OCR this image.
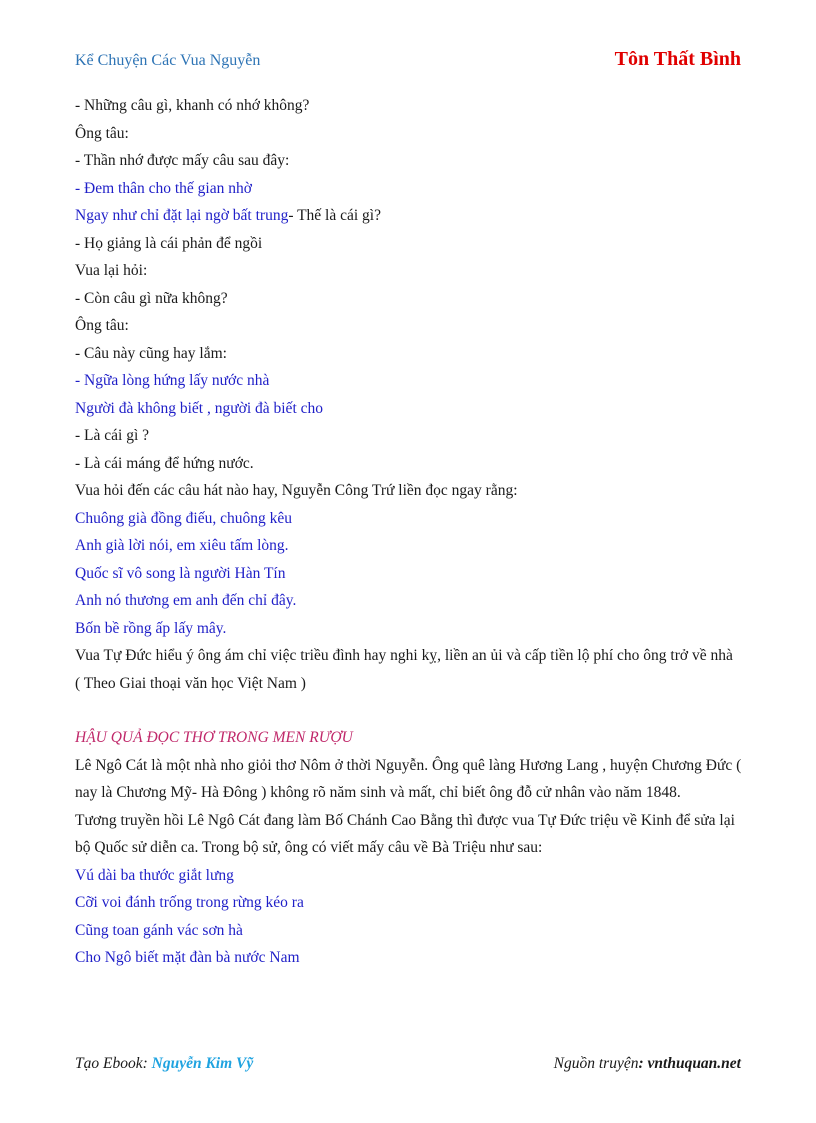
Kể Chuyện Các Vua Nguyễn	Tôn Thất Bình
- Những câu gì, khanh có nhớ không?
Ông tâu:
- Thần nhớ được mấy câu sau đây:
- Đem thân cho thế gian nhờ
Ngay như chỉ đặt lại ngờ bất trung- Thế là cái gì?
- Họ giảng là cái phản để ngồi
Vua lại hỏi:
- Còn câu gì nữa không?
Ông tâu:
- Câu này cũng hay lắm:
- Ngữa lòng hứng lấy nước nhà
Người đà không biết , người đà biết cho
- Là cái gì ?
- Là cái máng để hứng nước.
Vua hỏi đến các câu hát nào hay, Nguyễn Công Trứ liền đọc ngay rằng:
Chuông già đồng điếu, chuông kêu
Anh già lời nói, em xiêu tấm lòng.
Quốc sĩ vô song là người Hàn Tín
Anh nó thương em anh đến chỉ đây.
Bốn bề rồng ấp lấy mây.
Vua Tự Đức hiểu ý ông ám chỉ việc triều đình hay nghi kỵ, liền an ủi và cấp tiền lộ phí cho ông trở về nhà
( Theo Giai thoại văn học Việt Nam )
HẬU QUẢ ĐỌC THƠ TRONG MEN RƯỢU
Lê Ngô Cát là một nhà nho giỏi thơ Nôm ở thời Nguyễn. Ông quê làng Hương Lang , huyện Chương Đức ( nay là Chương Mỹ- Hà Đông ) không rõ năm sinh và mất, chỉ biết ông đỗ cử nhân vào năm 1848.
Tương truyền hồi Lê Ngô Cát đang làm Bố Chánh Cao Bằng thì được vua Tự Đức triệu về Kinh để sửa lại bộ Quốc sử diễn ca. Trong bộ sử, ông có viết mấy câu về Bà Triệu như sau:
Vú dài ba thước giắt lưng
Cỡi voi đánh trống trong rừng kéo ra
Cũng toan gánh vác sơn hà
Cho Ngô biết mặt đàn bà nước Nam
Tạo Ebook: Nguyễn Kim Vỹ	Nguồn truyện: vnthuquan.net
